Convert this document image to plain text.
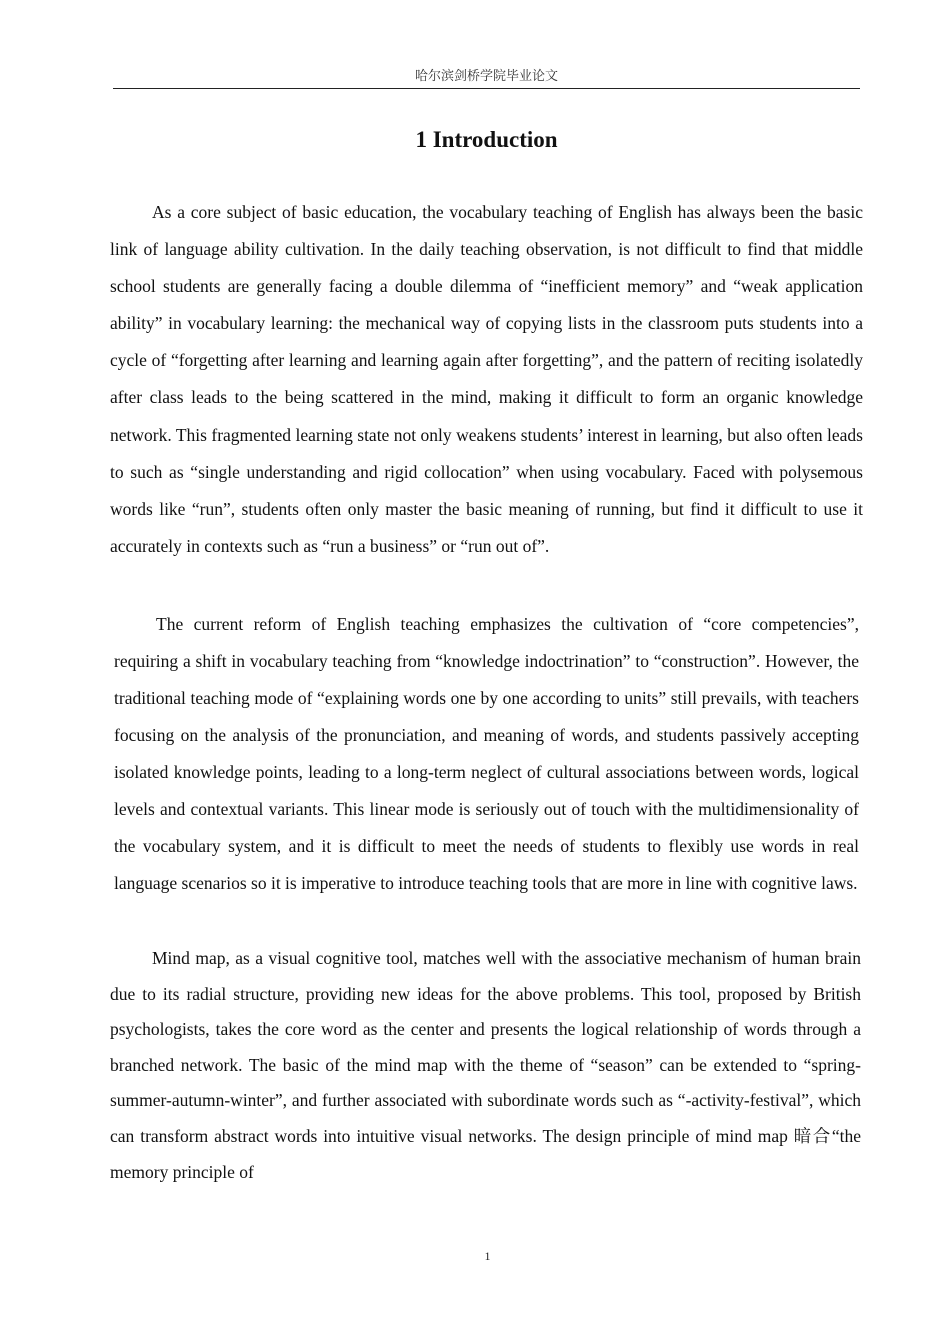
哈尔滨剑桥学院毕业论文
1 Introduction

As a core subject of basic education, the vocabulary teaching of English has always been the basic link of language ability cultivation. In the daily teaching observation, is not difficult to find that middle school students are generally facing a double dilemma of “inefficient memory” and “weak application ability” in vocabulary learning: the mechanical way of copying lists in the classroom puts students into a cycle of “forgetting after learning and learning again after forgetting”, and the pattern of reciting isolatedly after class leads to the being scattered in the mind, making it difficult to form an organic knowledge network. This fragmented learning state not only weakens students’ interest in learning, but also often leads to such as “single understanding and rigid collocation” when using vocabulary. Faced with polysemous words like “run”, students often only master the basic meaning of running, but find it difficult to use it accurately in contexts such as “run a business” or “run out of”.

The current reform of English teaching emphasizes the cultivation of “core competencies”, requiring a shift in vocabulary teaching from “knowledge indoctrination” to “construction”. However, the traditional teaching mode of “explaining words one by one according to units” still prevails, with teachers focusing on the analysis of the pronunciation, and meaning of words, and students passively accepting isolated knowledge points, leading to a long-term neglect of cultural associations between words, logical levels and contextual variants. This linear mode is seriously out of touch with the multidimensionality of the vocabulary system, and it is difficult to meet the needs of students to flexibly use words in real language scenarios so it is imperative to introduce teaching tools that are more in line with cognitive laws.

Mind map, as a visual cognitive tool, matches well with the associative mechanism of human brain due to its radial structure, providing new ideas for the above problems. This tool, proposed by British psychologists, takes the core word as the center and presents the logical relationship of words through a branched network. The basic of the mind map with the theme of “season” can be extended to “spring-summer-autumn-winter”, and further associated with subordinate words such as “-activity-festival”, which can transform abstract words into intuitive visual networks. The design principle of mind map 暗合“the memory principle of

1
